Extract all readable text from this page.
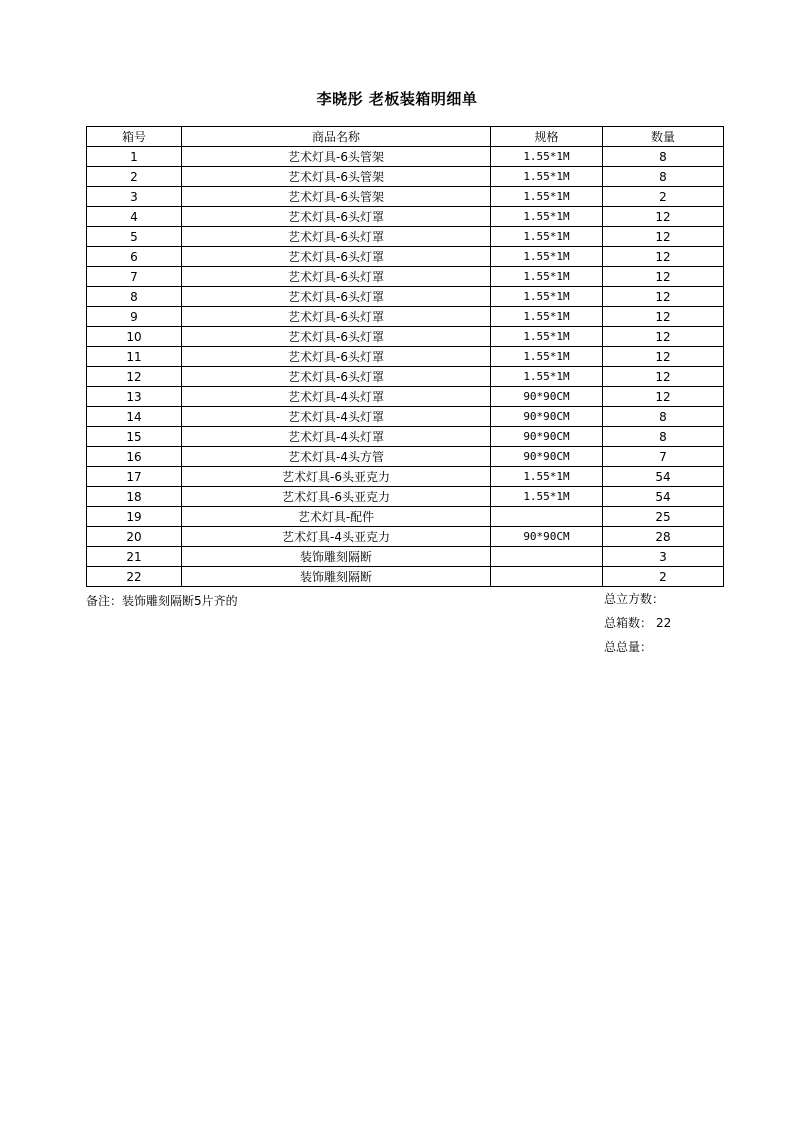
李晓彤 老板装箱明细单
箱号	商品名称	规格	数量
1	艺术灯具-6头管架	1.55*1M	8
2	艺术灯具-6头管架	1.55*1M	8
3	艺术灯具-6头管架	1.55*1M	2
4	艺术灯具-6头灯罩	1.55*1M	12
5	艺术灯具-6头灯罩	1.55*1M	12
6	艺术灯具-6头灯罩	1.55*1M	12
7	艺术灯具-6头灯罩	1.55*1M	12
8	艺术灯具-6头灯罩	1.55*1M	12
9	艺术灯具-6头灯罩	1.55*1M	12
10	艺术灯具-6头灯罩	1.55*1M	12
11	艺术灯具-6头灯罩	1.55*1M	12
12	艺术灯具-6头灯罩	1.55*1M	12
13	艺术灯具-4头灯罩	90*90CM	12
14	艺术灯具-4头灯罩	90*90CM	8
15	艺术灯具-4头灯罩	90*90CM	8
16	艺术灯具-4头方管	90*90CM	7
17	艺术灯具-6头亚克力	1.55*1M	54
18	艺术灯具-6头亚克力	1.55*1M	54
19	艺术灯具-配件		25
20	艺术灯具-4头亚克力	90*90CM	28
21	装饰雕刻隔断		3
22	装饰雕刻隔断		2
备注：装饰雕刻隔断5片齐的	总立方数：
总箱数： 22
总总量：
